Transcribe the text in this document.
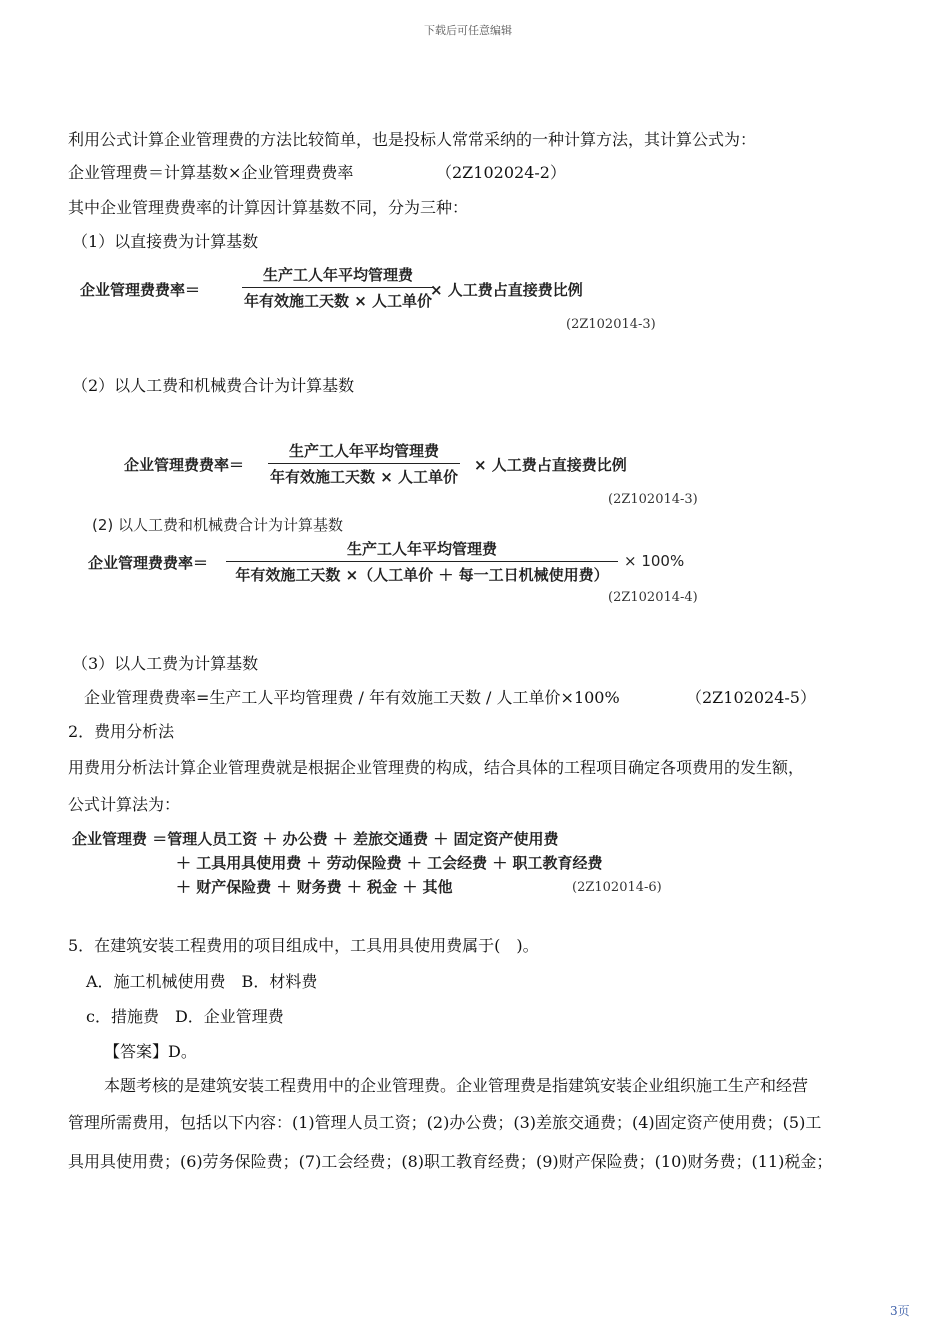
下载后可任意编辑
利用公式计算企业管理费的方法比较简单，也是投标人常常采纳的一种计算方法，其计算公式为：
企业管理费＝计算基数×企业管理费费率	（2Z102024-2）
其中企业管理费费率的计算因计算基数不同，分为三种：
（1）以直接费为计算基数
企业管理费费率＝
生产工人年平均管理费
年有效施工天数 × 人工单价
× 人工费占直接费比例
(2Z102014-3)
（2）以人工费和机械费合计为计算基数
企业管理费费率＝
生产工人年平均管理费
年有效施工天数 × 人工单价
× 人工费占直接费比例
(2Z102014-3)
(2) 以人工费和机械费合计为计算基数
企业管理费费率＝
生产工人年平均管理费
年有效施工天数 ×（人工单价 ＋ 每一工日机械使用费）
× 100%
(2Z102014-4)
（3）以人工费为计算基数
企业管理费费率=生产工人平均管理费 / 年有效施工天数 / 人工单价×100%	（2Z102024-5）
2．费用分析法
用费用分析法计算企业管理费就是根据企业管理费的构成，结合具体的工程项目确定各项费用的发生额，
公式计算法为：
企业管理费 ＝管理人员工资 ＋ 办公费 ＋ 差旅交通费 ＋ 固定资产使用费
＋ 工具用具使用费 ＋ 劳动保险费 ＋ 工会经费 ＋ 职工教育经费
＋ 财产保险费 ＋ 财务费 ＋ 税金 ＋ 其他	(2Z102014-6)
5．在建筑安装工程费用的项目组成中，工具用具使用费属于(　)。
A．施工机械使用费　B．材料费
c．措施费　D．企业管理费
【答案】D。
本题考核的是建筑安装工程费用中的企业管理费。企业管理费是指建筑安装企业组织施工生产和经营
管理所需费用，包括以下内容：(1)管理人员工资；(2)办公费；(3)差旅交通费；(4)固定资产使用费；(5)工
具用具使用费；(6)劳务保险费；(7)工会经费；(8)职工教育经费；(9)财产保险费；(10)财务费；(11)税金；
3页
